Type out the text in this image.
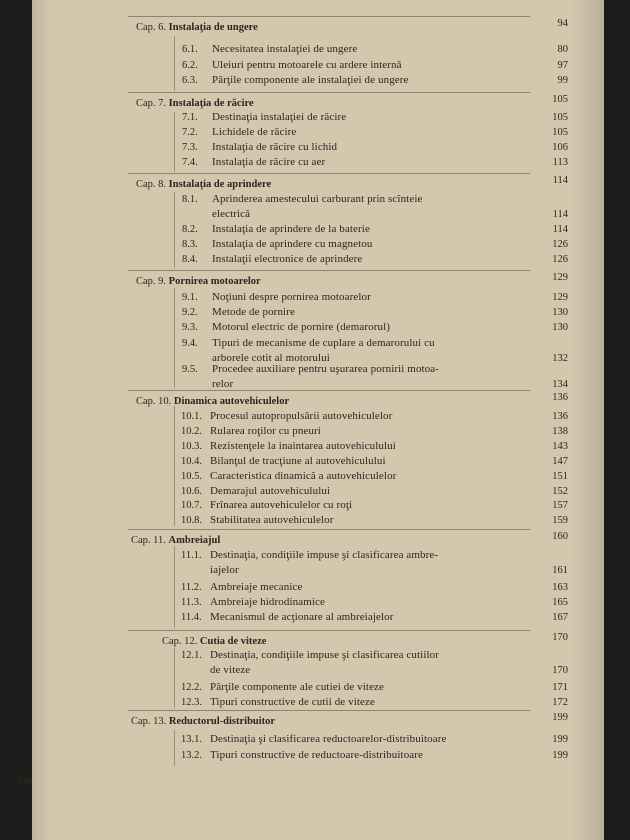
Cap. 6. Instalaţia de ungere	94
6.1. Necesitatea instalaţiei de ungere	80
6.2. Uleiuri pentru motoarele cu ardere internă	97
6.3. Părţile componente ale instalaţiei de ungere	99
Cap. 7. Instalaţia de răcire	105
7.1. Destinaţia instalaţiei de răcire	105
7.2. Lichidele de răcire	105
7.3. Instalaţia de răcire cu lichid	106
7.4. Instalaţia de răcire cu aer	113
Cap. 8. Instalaţia de aprindere	114
8.1. Aprinderea amestecului carburant prin scînteie
electrică	114
8.2. Instalaţia de aprindere de la baterie	114
8.3. Instalaţia de aprindere cu magnetou	126
8.4. Instalaţii electronice de aprindere	126
Cap. 9. Pornirea motoarelor	129
9.1. Noţiuni despre pornirea motoarelor	129
9.2. Metode de pornire	130
9.3. Motorul electric de pornire (demarorul)	130
9.4. Tipuri de mecanisme de cuplare a demarorului cu
arborele cotit al motorului	132
9.5. Procedee auxiliare pentru uşurarea pornirii motoa-
relor	134
Cap. 10. Dinamica autovehiculelor	136
10.1. Procesul autopropulsării autovehiculelor	136
10.2. Rularea roţilor cu pneuri	138
10.3. Rezistenţele la inaintarea autovehiculului	143
10.4. Bilanţul de tracţiune al autovehiculului	147
10.5. Caracteristica dinamică a autovehiculelor	151
10.6. Demarajul autovehiculului	152
10.7. Frînarea autovehiculelor cu roţi	157
10.8. Stabilitatea autovehiculelor	159
Cap. 11. Ambreiajul	160
11.1. Destinaţia, condiţiile impuse şi clasificarea ambre-
iajelor	161
11.2. Ambreiaje mecanice	163
11.3. Ambreiaje hidrodinamice	165
11.4. Mecanismul de acţionare al ambreiajelor	167
Cap. 12. Cutia de viteze	170
12.1. Destinaţia, condiţiile impuse şi clasificarea cutiilor
de viteze	170
12.2. Părţile componente ale cutiei de viteze	171
12.3. Tipuri constructive de cutii de viteze	172
Cap. 13. Reductorul-distribuitor	199
13.1. Destinaţia şi clasificarea reductoarelor-distribuitoare	199
13.2. Tipuri constructive de reductoare-distribuitoare	199
330
